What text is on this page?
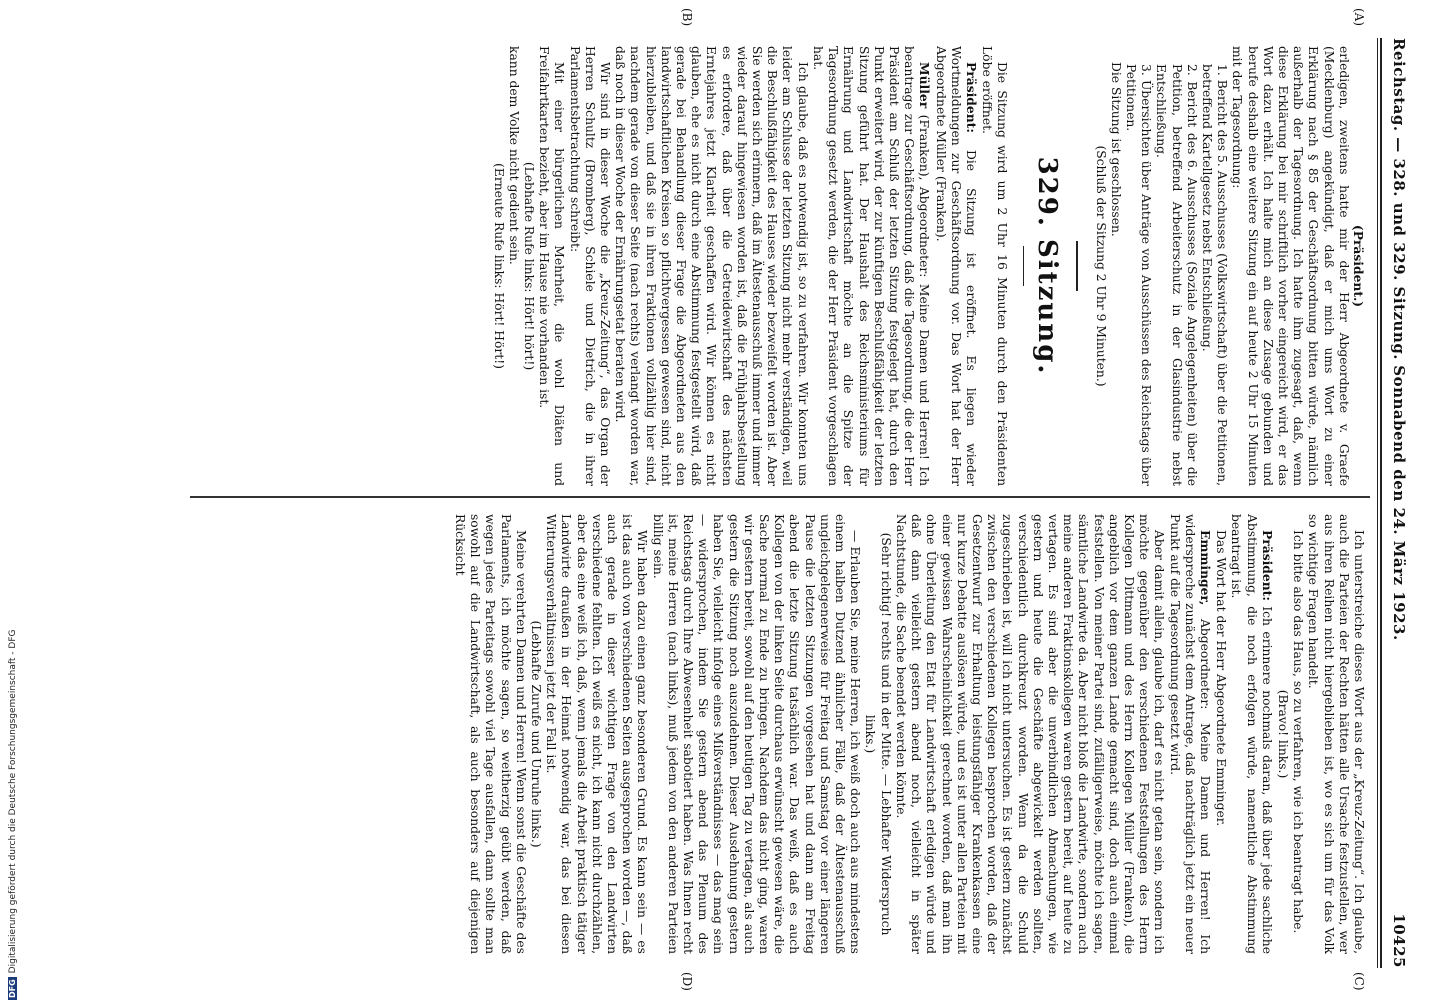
Reichstag. — 328. und 329. Sitzung.
Sonnabend den 24. März 1923.
10425
(A)
(B)
(C)
(D)

(Präsident.)

erledigen, zweitens hatte mir der Herr Abgeordnete v. Graefe (Mecklenburg) angekündigt, daß er mich ums Wort zu einer Erklärung nach § 85 der Geschäftsordnung bitten würde, nämlich außerhalb der Tagesordnung. Ich hatte ihm zugesagt, daß, wenn diese Erklärung bei mir schriftlich vorher eingereicht wird, er das Wort dazu erhält. Ich halte mich an diese Zusage gebunden und berufe deshalb eine weitere Sitzung ein auf heute 2 Uhr 15 Minuten mit der Tagesordnung:

1. Bericht des 5. Ausschusses (Volkswirtschaft) über die Petitionen, betreffend Kartellgesetz nebst Entschließung.

2. Bericht des 6. Ausschusses (Soziale Angelegenheiten) über die Petition, betreffend Arbeiterschutz in der Glasindustrie nebst Entschließung.

3. Übersichten über Anträge von Ausschüssen des Reichstags über Petitionen.

Die Sitzung ist geschlossen.

(Schluß der Sitzung 2 Uhr 9 Minuten.)

329. Sitzung.

Die Sitzung wird um 2 Uhr 16 Minuten durch den Präsidenten Löbe eröffnet.

Präsident: Die Sitzung ist eröffnet. Es liegen wieder Wortmeldungen zur Geschäftsordnung vor. Das Wort hat der Herr Abgeordnete Müller (Franken).

Müller (Franken), Abgeordneter: Meine Damen und Herren! Ich beantrage zur Geschäftsordnung, daß die Tagesordnung, die der Herr Präsident am Schluß der letzten Sitzung festgelegt hat, durch den Punkt erweitert wird, der zur künftigen Beschlußfähigkeit der letzten Sitzung geführt hat. Der Haushalt des Reichsministeriums für Ernährung und Landwirtschaft möchte an die Spitze der Tagesordnung gesetzt werden, die der Herr Präsident vorgeschlagen hat.

Ich glaube, daß es notwendig ist, so zu verfahren. Wir konnten uns leider am Schlusse der letzten Sitzung nicht mehr verständigen, weil die Beschlußfähigkeit des Hauses wieder bezweifelt worden ist. Aber Sie werden sich erinnern, daß im Ältestenausschuß immer und immer wieder darauf hingewiesen worden ist, daß die Frühjahrsbestellung es erfordere, daß über die Getreidewirtschaft des nächsten Erntejahres jetzt Klarheit geschaffen wird. Wir können es nicht glauben, ehe es nicht durch eine Abstimmung festgestellt wird, daß gerade bei Behandlung dieser Frage die Abgeordneten aus den landwirtschaftlichen Kreisen so pflichtvergessen gewesen sind, nicht hierzubleiben, und daß sie in ihren Fraktionen vollzählig hier sind, nachdem gerade von dieser Seite (nach rechts) verlangt worden war, daß noch in dieser Woche der Ernährungsetat beraten wird.

Wir sind in dieser Woche die „Kreuz-Zeitung“, das Organ der Herren Schultz (Bromberg), Schiele und Dietrich, die in ihrer Parlamentsbetrachtung schreibt:

Mit einer bürgerlichen Mehrheit, die wohl Diäten und Freifahrtkarten bezieht, aber im Hause nie vorhanden ist.

(Lebhafte Rufe links: Hört! hört!)

kann dem Volke nicht gedient sein.

(Erneute Rufe links: Hört! Hört!)

Ich unterstreiche dieses Wort aus der „Kreuz-Zeitung“. Ich glaube, auch die Parteien der Rechten hätten alle Ursache festzustellen, wer aus ihren Reihen nicht hiergeblieben ist, wo es sich um für das Volk so wichtige Fragen handelt.

Ich bitte also das Haus, so zu verfahren, wie ich beantragt habe.

(Bravo! links.)

Präsident: Ich erinnere nochmals daran, daß über jede sachliche Abstimmung, die noch erfolgen würde, namentliche Abstimmung beantragt ist.

Das Wort hat der Herr Abgeordnete Emminger.

Emminger, Abgeordneter: Meine Damen und Herren! Ich widerspreche zunächst dem Antrage, daß nachträglich jetzt ein neuer Punkt auf die Tagesordnung gesetzt wird.

Aber damit allein, glaube ich, darf es nicht getan sein, sondern ich möchte gegenüber den verschiedenen Feststellungen des Herrn Kollegen Dittmann und des Herrn Kollegen Müller (Franken), die angeblich vor dem ganzen Lande gemacht sind, doch auch einmal feststellen. Von meiner Partei sind, zufälligerweise, möchte ich sagen, sämtliche Landwirte da. Aber nicht bloß die Landwirte, sondern auch meine anderen Fraktionskollegen waren gestern bereit, auf heute zu vertagen. Es sind aber die unverbindlichen Abmachungen, wie gestern und heute die Geschäfte abgewickelt werden sollten, verschiedentlich durchkreuzt worden. Wenn da die Schuld zugeschrieben ist, will ich nicht untersuchen. Es ist gestern zunächst zwischen den verschiedenen Kollegen besprochen worden, daß der Gesetzentwurf zur Erhaltung leistungsfähiger Krankenkassen eine nur kurze Debatte auslösen würde, und es ist unter allen Parteien mit einer gewissen Wahrscheinlichkeit gerechnet worden, daß man ihn ohne Überleitung den Etat für Landwirtschaft erledigen würde und daß dann vielleicht gestern abend noch, vielleicht in später Nachtstunde, die Sache beendet werden könnte.

(Sehr richtig! rechts und in der Mitte. — Lebhafter Widerspruch links.)

— Erlauben Sie, meine Herren, ich weiß doch auch aus mindestens einem halben Dutzend ähnlicher Fälle, daß der Ältestenausschuß ungleichgelegenerweise für Freitag und Samstag vor einer längeren Pause die letzten Sitzungen vorgesehen hat und dann am Freitag abend die letzte Sitzung tatsächlich war. Das weiß, daß es auch Kollegen von der linken Seite durchaus erwünscht gewesen wäre, die Sache normal zu Ende zu bringen. Nachdem das nicht ging, waren wir gestern bereit, sowohl auf den heutigen Tag zu vertagen, als auch gestern die Sitzung noch auszudehnen. Dieser Ausdehnung gestern haben Sie, vielleicht infolge eines Mißverständnisses — das mag sein — widersprochen, indem Sie gestern abend das Plenum des Reichstags durch Ihre Abwesenheit sabotiert haben. Was Ihnen recht ist, meine Herren (nach links), muß jedem von den anderen Parteien billig sein.

Wir haben dazu einen ganz besonderen Grund. Es kann sein — es ist das auch von verschiedenen Seiten ausgesprochen worden —, daß auch gerade in dieser wichtigen Frage von den Landwirten verschiedene fehlten. Ich weiß es nicht, ich kann nicht durchzählen, aber das eine weiß ich, daß, wenn jemals die Arbeit praktisch tätiger Landwirte draußen in der Heimat notwendig war, das bei diesen Witterungsverhältnissen jetzt der Fall ist.

(Lebhafte Zurufe und Unruhe links.)

Meine verehrten Damen und Herren! Wenn sonst die Geschäfte des Parlaments, ich möchte sagen, so weitherzig geübt werden, daß wegen jedes Parteitags sowohl viel Tage ausfallen, dann sollte man sowohl auf die Landwirtschaft, als auch besonders auf diejenigen Rücksicht

DFGDigitalisierung gefördert durch die Deutsche Forschungsgemeinschaft - DFG
